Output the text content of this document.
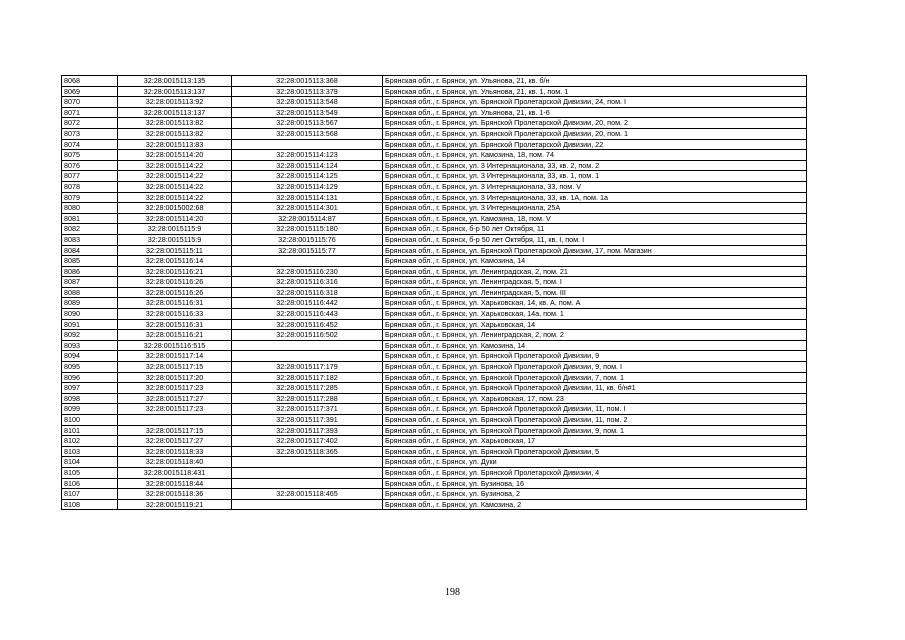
8068	32:28:0015113:135	32:28:0015113:368	Брянская обл., г. Брянск, ул. Ульянова, 21, кв. б/н
8069	32:28:0015113:137	32:28:0015113:379	Брянская обл., г. Брянск, ул. Ульянова, 21, кв. 1, пом. 1
8070	32:28:0015113:92	32:28:0015113:548	Брянская обл., г. Брянск, ул. Брянской Пролетарской Дивизии, 24, пом. I
8071	32:28:0015113:137	32:28:0015113:549	Брянская обл., г. Брянск, ул. Ульянова, 21, кв. 1-6
8072	32:28:0015113:82	32:28:0015113:567	Брянская обл., г. Брянск, ул. Брянской Пролетарской Дивизии, 20, пом. 2
8073	32:28:0015113:82	32:28:0015113:568	Брянская обл., г. Брянск, ул. Брянской Пролетарской Дивизии, 20, пом. 1
8074	32:28:0015113:83		Брянская обл., г. Брянск, ул. Брянской Пролетарской Дивизии, 22
8075	32:28:0015114:20	32:28:0015114:123	Брянская обл., г. Брянск, ул. Камозина, 18, пом. 74
8076	32:28:0015114:22	32:28:0015114:124	Брянская обл., г. Брянск, ул. 3 Интернационала, 33, кв. 2, пом. 2
8077	32:28:0015114:22	32:28:0015114:125	Брянская обл., г. Брянск, ул. 3 Интернационала, 33, кв. 1, пом. 1
8078	32:28:0015114:22	32:28:0015114:129	Брянская обл., г. Брянск, ул. 3 Интернационала, 33, пом. V
8079	32:28:0015114:22	32:28:0015114:131	Брянская обл., г. Брянск, ул. 3 Интернационала, 33, кв. 1А, пом. 1а
8080	32:28:0015002:68	32:28:0015114:301	Брянская обл., г. Брянск, ул. 3 Интернационала, 25А
8081	32:28:0015114:20	32:28:0015114:87	Брянская обл., г. Брянск, ул. Камозина, 18, пом. V
8082	32:28:0015115:9	32:28:0015115:180	Брянская обл., г. Брянск, б-р 50 лет Октября, 11
8083	32:28:0015115:9	32:28:0015115:76	Брянская обл., г. Брянск, б-р 50 лет Октября, 11, кв. I, пом. I
8084	32:28:0015115:11	32:28:0015115:77	Брянская обл., г. Брянск, ул. Брянской Пролетарской Дивизии, 17, пом. Магазин
8085	32:28:0015116:14		Брянская обл., г. Брянск, ул. Камозина, 14
8086	32:28:0015116:21	32:28:0015116:230	Брянская обл., г. Брянск, ул. Ленинградская, 2, пом. 21
8087	32:28:0015116:26	32:28:0015116:316	Брянская обл., г. Брянск, ул. Ленинградская, 5, пом. I
8088	32:28:0015116:26	32:28:0015116:318	Брянская обл., г. Брянск, ул. Ленинградская, 5, пом. III
8089	32:28:0015116:31	32:28:0015116:442	Брянская обл., г. Брянск, ул. Харьковская, 14, кв. А, пом. А
8090	32:28:0015116:33	32:28:0015116:443	Брянская обл., г. Брянск, ул. Харьковская, 14а, пом. 1
8091	32:28:0015116:31	32:28:0015116:452	Брянская обл., г. Брянск, ул. Харьковская, 14
8092	32:28:0015116:21	32:28:0015116:502	Брянская обл., г. Брянск, ул. Ленинградская, 2, пом. 2
8093	32:28:0015116:515		Брянская обл., г. Брянск, ул. Камозина, 14
8094	32:28:0015117:14		Брянская обл., г. Брянск, ул. Брянской Пролетарской Дивизии, 9
8095	32:28:0015117:15	32:28:0015117:179	Брянская обл., г. Брянск, ул. Брянской Пролетарской Дивизии, 9, пом. I
8096	32:28:0015117:20	32:28:0015117:182	Брянская обл., г. Брянск, ул. Брянской Пролетарской Дивизии, 7, пом. 1
8097	32:28:0015117:23	32:28:0015117:285	Брянская обл., г. Брянск, ул. Брянской Пролетарской Дивизии, 11, кв. б/н#1
8098	32:28:0015117:27	32:28:0015117:288	Брянская обл., г. Брянск, ул. Харьковская, 17, пом. 23
8099	32:28:0015117:23	32:28:0015117:371	Брянская обл., г. Брянск, ул. Брянской Пролетарской Дивизии, 11, пом. I
8100		32:28:0015117:391	Брянская обл., г. Брянск, ул. Брянской Пролетарской Дивизии, 11, пом. 2
8101	32:28:0015117:15	32:28:0015117:393	Брянская обл., г. Брянск, ул. Брянской Пролетарской Дивизии, 9, пом. 1
8102	32:28:0015117:27	32:28:0015117:402	Брянская обл., г. Брянск, ул. Харьковская, 17
8103	32:28:0015118:33	32:28:0015118:365	Брянская обл., г. Брянск, ул. Брянской Пролетарской Дивизии, 5
8104	32:28:0015118:40		Брянская обл., г. Брянск, ул. Дуки
8105	32:28:0015118:431		Брянская обл., г. Брянск, ул. Брянской Пролетарской Дивизии, 4
8106	32:28:0015118:44		Брянская обл., г. Брянск, ул. Бузинова, 16
8107	32:28:0015118:36	32:28:0015118:465	Брянская обл., г. Брянск, ул. Бузинова, 2
8108	32:28:0015119:21		Брянская обл., г. Брянск, ул. Камозина, 2
198
